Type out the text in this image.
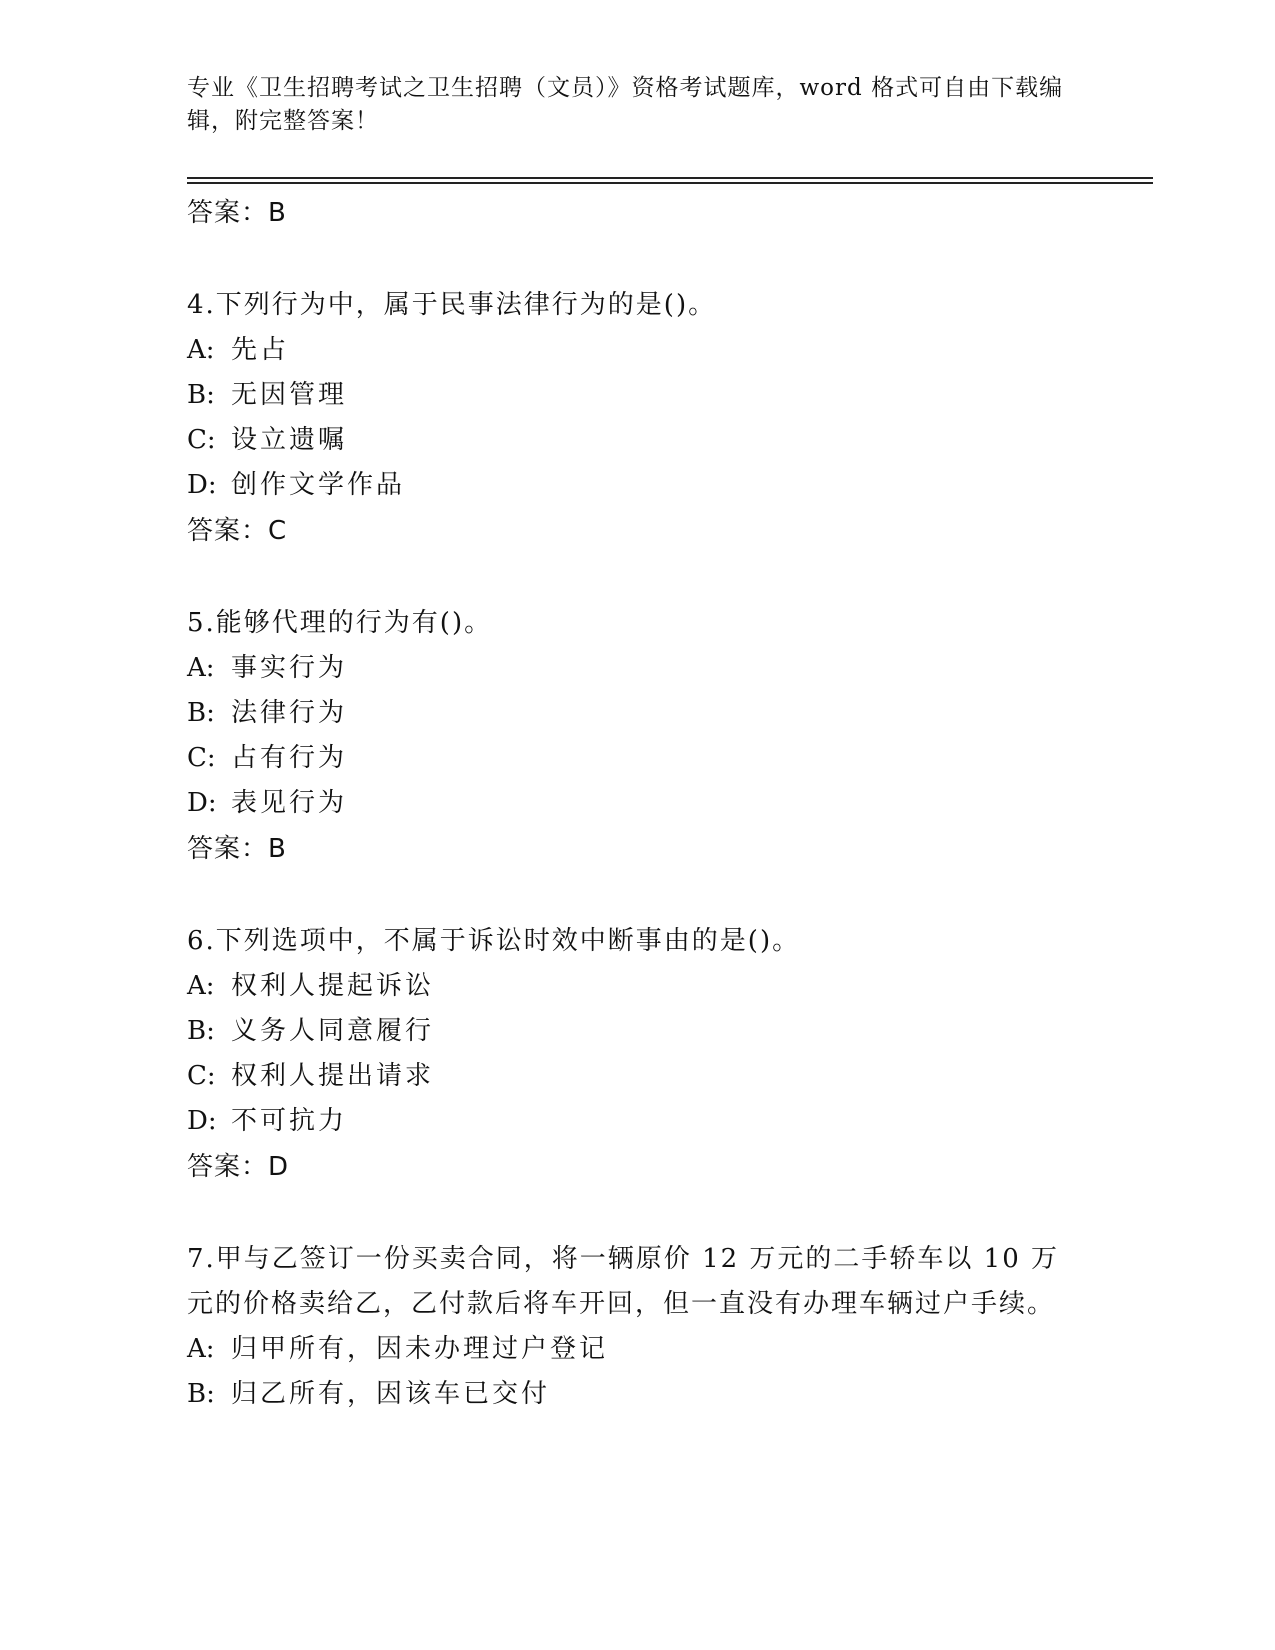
专业《卫生招聘考试之卫生招聘（文员）》资格考试题库，word 格式可自由下载编辑，附完整答案！
答案：B
4.下列行为中，属于民事法律行为的是()。
A: 先占
B: 无因管理
C: 设立遗嘱
D: 创作文学作品
答案：C
5.能够代理的行为有()。
A: 事实行为
B: 法律行为
C: 占有行为
D: 表见行为
答案：B
6.下列选项中，不属于诉讼时效中断事由的是()。
A: 权利人提起诉讼
B: 义务人同意履行
C: 权利人提出请求
D: 不可抗力
答案：D
7.甲与乙签订一份买卖合同，将一辆原价 12 万元的二手轿车以 10 万元的价格卖给乙，乙付款后将车开回，但一直没有办理车辆过户手续。
A: 归甲所有，因未办理过户登记
B: 归乙所有，因该车已交付
